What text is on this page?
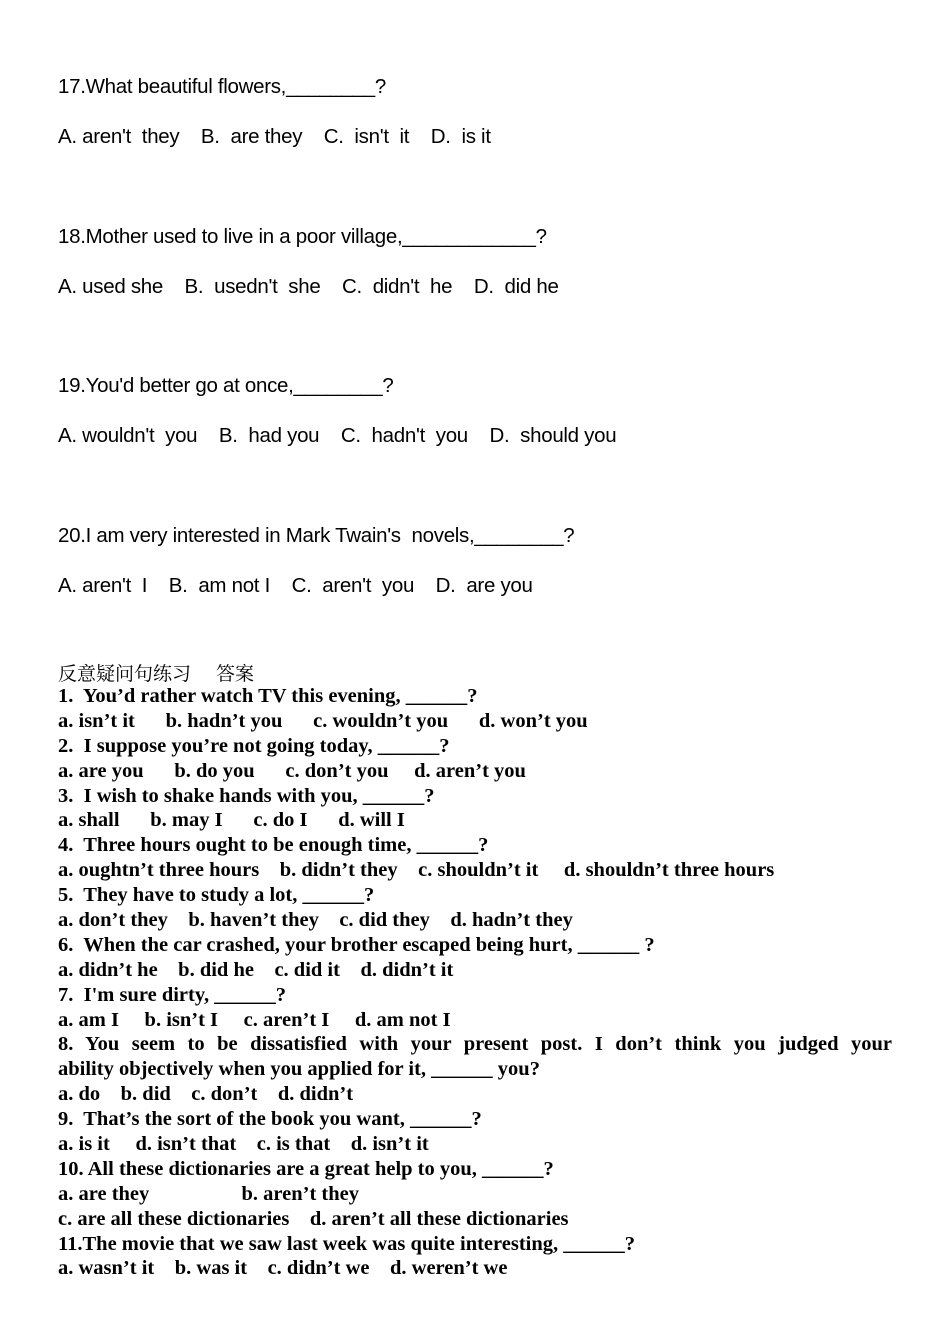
17.What beautiful flowers,________?
A. aren't  they    B.  are they    C.  isn't  it    D.  is it
18.Mother used to live in a poor village,____________?
A. used she    B.  usedn't  she    C.  didn't  he    D.  did he
19.You'd better go at once,________?
A. wouldn't  you    B.  had you    C.  hadn't  you    D.  should you
20.I am very interested in Mark Twain's  novels,________?
A. aren't  I    B.  am not I    C.  aren't  you    D.  are you
反意疑问句练习　 答案
1.  You’d rather watch TV this evening, ______?
a. isn’t it      b. hadn’t you      c. wouldn’t you      d. won’t you
2.  I suppose you’re not going today, ______?
a. are you      b. do you      c. don’t you     d. aren’t you
3.  I wish to shake hands with you, ______?
a. shall      b. may I      c. do I      d. will I
4.  Three hours ought to be enough time, ______?
a. oughtn’t three hours    b. didn’t they    c. shouldn’t it     d. shouldn’t three hours
5.  They have to study a lot, ______?
a. don’t they    b. haven’t they    c. did they    d. hadn’t they
6.  When the car crashed, your brother escaped being hurt, ______ ?
a. didn’t he    b. did he    c. did it    d. didn’t it
7.  I'm sure dirty, ______?
a. am I     b. isn’t I     c. aren’t I     d. am not I
8. You seem to be dissatisfied with your present post. I don’t think you judged your
ability objectively when you applied for it, ______ you?
a. do    b. did    c. don’t    d. didn’t
9.  That’s the sort of the book you want, ______?
a. is it     d. isn’t that    c. is that    d. isn’t it
10. All these dictionaries are a great help to you, ______?
a. are they                  b. aren’t they
c. are all these dictionaries    d. aren’t all these dictionaries
11.The movie that we saw last week was quite interesting, ______?
a. wasn’t it    b. was it    c. didn’t we    d. weren’t we
